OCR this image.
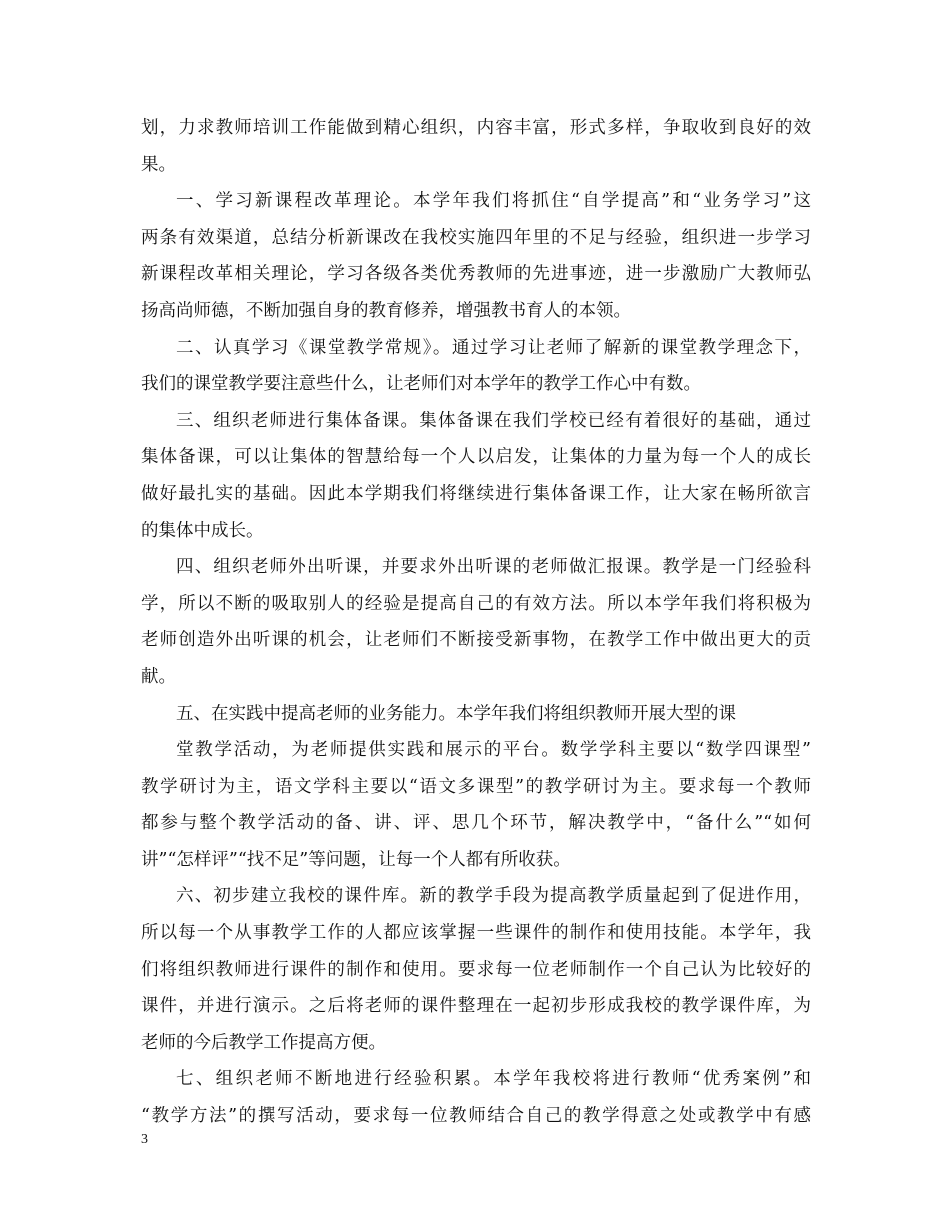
划，力求教师培训工作能做到精心组织，内容丰富，形式多样，争取收到良好的效
果。
一、学习新课程改革理论。本学年我们将抓住“自学提高”和“业务学习”这
两条有效渠道，总结分析新课改在我校实施四年里的不足与经验，组织进一步学习
新课程改革相关理论，学习各级各类优秀教师的先进事迹，进一步激励广大教师弘
扬高尚师德，不断加强自身的教育修养，增强教书育人的本领。
二、认真学习《课堂教学常规》。通过学习让老师了解新的课堂教学理念下，
我们的课堂教学要注意些什么，让老师们对本学年的教学工作心中有数。
三、组织老师进行集体备课。集体备课在我们学校已经有着很好的基础，通过
集体备课，可以让集体的智慧给每一个人以启发，让集体的力量为每一个人的成长
做好最扎实的基础。因此本学期我们将继续进行集体备课工作，让大家在畅所欲言
的集体中成长。
四、组织老师外出听课，并要求外出听课的老师做汇报课。教学是一门经验科
学，所以不断的吸取别人的经验是提高自己的有效方法。所以本学年我们将积极为
老师创造外出听课的机会，让老师们不断接受新事物，在教学工作中做出更大的贡
献。
五、在实践中提高老师的业务能力。本学年我们将组织教师开展大型的课
堂教学活动，为老师提供实践和展示的平台。数学学科主要以“数学四课型”
教学研讨为主，语文学科主要以“语文多课型”的教学研讨为主。要求每一个教师
都参与整个教学活动的备、讲、评、思几个环节，解决教学中，“备什么”“如何
讲”“怎样评”“找不足”等问题，让每一个人都有所收获。
六、初步建立我校的课件库。新的教学手段为提高教学质量起到了促进作用，
所以每一个从事教学工作的人都应该掌握一些课件的制作和使用技能。本学年，我
们将组织教师进行课件的制作和使用。要求每一位老师制作一个自己认为比较好的
课件，并进行演示。之后将老师的课件整理在一起初步形成我校的教学课件库，为
老师的今后教学工作提高方便。
七、组织老师不断地进行经验积累。本学年我校将进行教师“优秀案例”和
“教学方法”的撰写活动，要求每一位教师结合自己的教学得意之处或教学中有感
3
